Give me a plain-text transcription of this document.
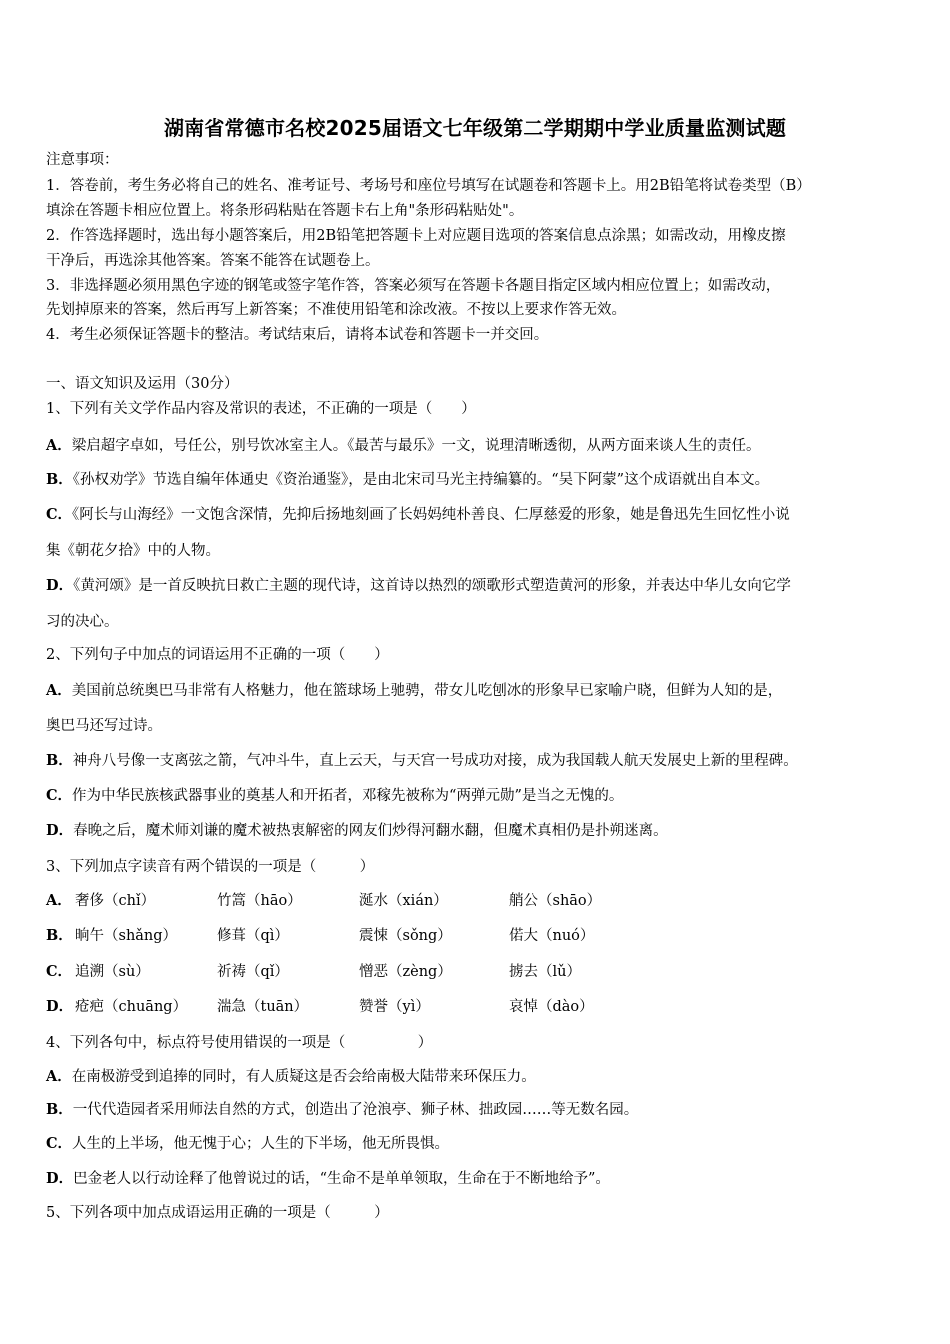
湖南省常德市名校2025届语文七年级第二学期期中学业质量监测试题
注意事项：
1．答卷前，考生务必将自己的姓名、准考证号、考场号和座位号填写在试题卷和答题卡上。用2B铅笔将试卷类型（B）
填涂在答题卡相应位置上。将条形码粘贴在答题卡右上角"条形码粘贴处"。
2．作答选择题时，选出每小题答案后，用2B铅笔把答题卡上对应题目选项的答案信息点涂黑；如需改动，用橡皮擦
干净后，再选涂其他答案。答案不能答在试题卷上。
3．非选择题必须用黑色字迹的钢笔或签字笔作答，答案必须写在答题卡各题目指定区域内相应位置上；如需改动，
先划掉原来的答案，然后再写上新答案；不准使用铅笔和涂改液。不按以上要求作答无效。
4．考生必须保证答题卡的整洁。考试结束后，请将本试卷和答题卡一并交回。
一、语文知识及运用（30分）
1、下列有关文学作品内容及常识的表述，不正确的一项是（　　）
A．梁启超字卓如，号任公，别号饮冰室主人。《最苦与最乐》一文，说理清晰透彻，从两方面来谈人生的责任。
B．《孙权劝学》节选自编年体通史《资治通鉴》，是由北宋司马光主持编纂的。“吴下阿蒙”这个成语就出自本文。
C．《阿长与山海经》一文饱含深情，先抑后扬地刻画了长妈妈纯朴善良、仁厚慈爱的形象，她是鲁迅先生回忆性小说
集《朝花夕拾》中的人物。
D．《黄河颂》是一首反映抗日救亡主题的现代诗，这首诗以热烈的颂歌形式塑造黄河的形象，并表达中华儿女向它学
习的决心。
2、下列句子中加点的词语运用不正确的一项（　　）
A．美国前总统奥巴马非常有人格魅力，他在篮球场上驰骋，带女儿吃刨冰的形象早已家喻户晓，但鲜为人知的是，
奥巴马还写过诗。
B．神舟八号像一支离弦之箭，气冲斗牛，直上云天，与天宫一号成功对接，成为我国载人航天发展史上新的里程碑。
C．作为中华民族核武器事业的奠基人和开拓者，邓稼先被称为“两弹元勋”是当之无愧的。
D．春晚之后，魔术师刘谦的魔术被热衷解密的网友们炒得河翻水翻，但魔术真相仍是扑朔迷离。
3、下列加点字读音有两个错误的一项是（　　　）
A． 奢侈（chǐ）	竹篙（hāo）	涎水（xián）	艄公（shāo）
B． 晌午（shǎng）	修葺（qì）	震悚（sǒng）	偌大（nuó）
C． 追溯（sù）	祈祷（qǐ）	憎恶（zèng）	掳去（lǔ）
D． 疮疤（chuāng） 湍急（tuān）	赞誉（yì）	哀悼（dào）
4、下列各句中，标点符号使用错误的一项是（　　　　　）
A．在南极游受到追捧的同时，有人质疑这是否会给南极大陆带来环保压力。
B．一代代造园者采用师法自然的方式，创造出了沧浪亭、狮子林、拙政园……等无数名园。
C．人生的上半场，他无愧于心；人生的下半场，他无所畏惧。
D．巴金老人以行动诠释了他曾说过的话，“生命不是单单领取，生命在于不断地给予”。
5、下列各项中加点成语运用正确的一项是（　　　）
